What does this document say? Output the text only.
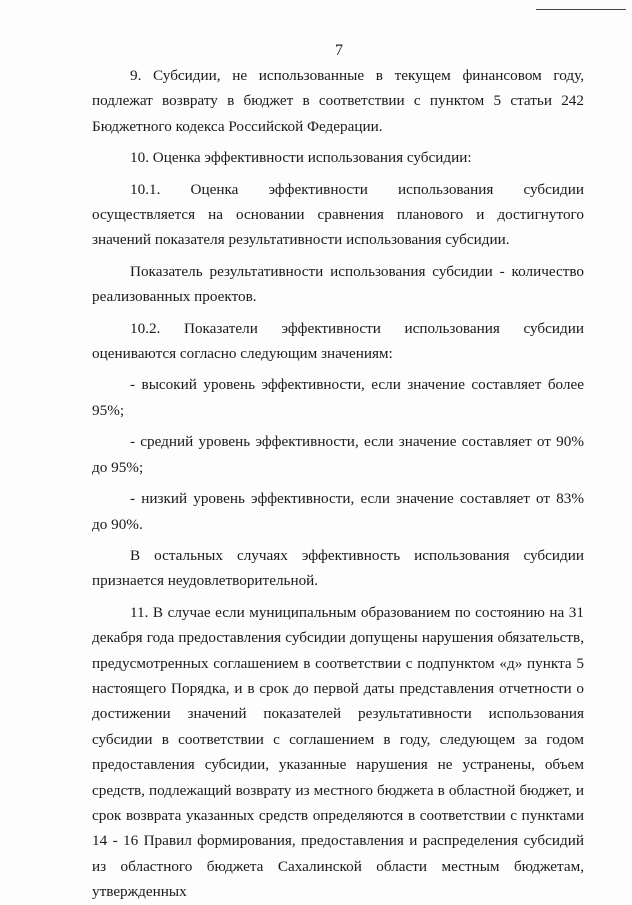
7

9. Субсидии, не использованные в текущем финансовом году, подлежат возврату в бюджет в соответствии с пунктом 5 статьи 242 Бюджетного кодекса Российской Федерации.

10. Оценка эффективности использования субсидии:

10.1. Оценка эффективности использования субсидии осуществляется на основании сравнения планового и достигнутого значений показателя результативности использования субсидии.

Показатель результативности использования субсидии - количество реализованных проектов.

10.2. Показатели эффективности использования субсидии оцениваются согласно следующим значениям:

- высокий уровень эффективности, если значение составляет более 95%;

- средний уровень эффективности, если значение составляет от 90% до 95%;

- низкий уровень эффективности, если значение составляет от 83% до 90%.

В остальных случаях эффективность использования субсидии признается неудовлетворительной.

11. В случае если муниципальным образованием по состоянию на 31 декабря года предоставления субсидии допущены нарушения обязательств, предусмотренных соглашением в соответствии с подпунктом «д» пункта 5 настоящего Порядка, и в срок до первой даты представления отчетности о достижении значений показателей результативности использования субсидии в соответствии с соглашением в году, следующем за годом предоставления субсидии, указанные нарушения не устранены, объем средств, подлежащий возврату из местного бюджета в областной бюджет, и срок возврата указанных средств определяются в соответствии с пунктами 14 - 16 Правил формирования, предоставления и распределения субсидий из областного бюджета Сахалинской области местным бюджетам, утвержденных
